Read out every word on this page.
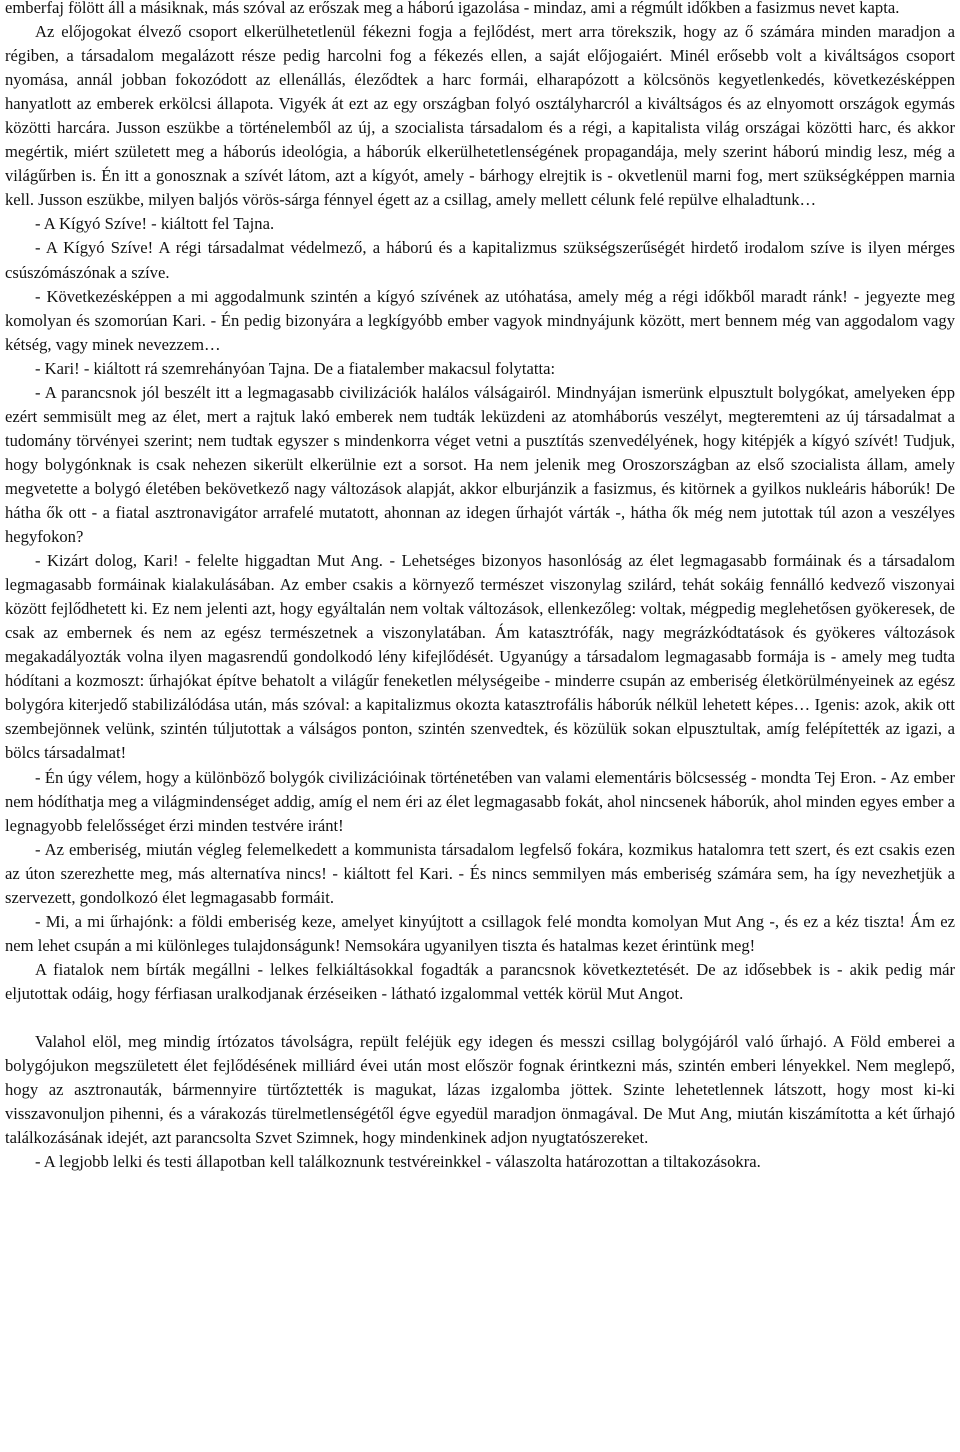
emberfaj fölött áll a másiknak, más szóval az erőszak meg a háború igazolása - mindaz, ami a régmúlt időkben a fasizmus nevet kapta.

Az előjogokat élvező csoport elkerülhetetlenül fékezni fogja a fejlődést, mert arra törekszik, hogy az ő számára minden maradjon a régiben, a társadalom megalázott része pedig harcolni fog a fékezés ellen, a saját előjogaiért. Minél erősebb volt a kiváltságos csoport nyomása, annál jobban fokozódott az ellenállás, éleződtek a harc formái, elharapózott a kölcsönös kegyetlenkedés, következésképpen hanyatlott az emberek erkölcsi állapota. Vigyék át ezt az egy országban folyó osztályharcról a kiváltságos és az elnyomott országok egymás közötti harcára. Jusson eszükbe a történelemből az új, a szocialista társadalom és a régi, a kapitalista világ országai közötti harc, és akkor megértik, miért született meg a háborús ideológia, a háborúk elkerülhetetlenségének propagandája, mely szerint háború mindig lesz, még a világűrben is. Én itt a gonosznak a szívét látom, azt a kígyót, amely - bárhogy elrejtik is - okvetlenül marni fog, mert szükségképpen marnia kell. Jusson eszükbe, milyen baljós vörös-sárga fénnyel égett az a csillag, amely mellett célunk felé repülve elhaladtunk…

- A Kígyó Szíve! - kiáltott fel Tajna.

- A Kígyó Szíve! A régi társadalmat védelmező, a háború és a kapitalizmus szükségszerűségét hirdető irodalom szíve is ilyen mérges csúszómászónak a szíve.

- Következésképpen a mi aggodalmunk szintén a kígyó szívének az utóhatása, amely még a régi időkből maradt ránk! - jegyezte meg komolyan és szomorúan Kari. - Én pedig bizonyára a legkígyóbb ember vagyok mindnyájunk között, mert bennem még van aggodalom vagy kétség, vagy minek nevezzem…

- Kari! - kiáltott rá szemrehányóan Tajna. De a fiatalember makacsul folytatta:

- A parancsnok jól beszélt itt a legmagasabb civilizációk halálos válságairól. Mindnyájan ismerünk elpusztult bolygókat, amelyeken épp ezért semmisült meg az élet, mert a rajtuk lakó emberek nem tudták leküzdeni az atomháborús veszélyt, megteremteni az új társadalmat a tudomány törvényei szerint; nem tudtak egyszer s mindenkorra véget vetni a pusztítás szenvedélyének, hogy kitépjék a kígyó szívét! Tudjuk, hogy bolygónknak is csak nehezen sikerült elkerülnie ezt a sorsot. Ha nem jelenik meg Oroszországban az első szocialista állam, amely megvetette a bolygó életében bekövetkező nagy változások alapját, akkor elburjánzik a fasizmus, és kitörnek a gyilkos nukleáris háborúk! De hátha ők ott - a fiatal asztronavigátor arrafelé mutatott, ahonnan az idegen űrhajót várták -, hátha ők még nem jutottak túl azon a veszélyes hegyfokon?

- Kizárt dolog, Kari! - felelte higgadtan Mut Ang. - Lehetséges bizonyos hasonlóság az élet legmagasabb formáinak és a társadalom legmagasabb formáinak kialakulásában. Az ember csakis a környező természet viszonylag szilárd, tehát sokáig fennálló kedvező viszonyai között fejlődhetett ki. Ez nem jelenti azt, hogy egyáltalán nem voltak változások, ellenkezőleg: voltak, mégpedig meglehetősen gyökeresek, de csak az embernek és nem az egész természetnek a viszonylatában. Ám katasztrófák, nagy megrázkódtatások és gyökeres változások megakadályozták volna ilyen magasrendű gondolkodó lény kifejlődését. Ugyanúgy a társadalom legmagasabb formája is - amely meg tudta hódítani a kozmoszt: űrhajókat építve behatolt a világűr feneketlen mélységeibe - minderre csupán az emberiség életkörülményeinek az egész bolygóra kiterjedő stabilizálódása után, más szóval: a kapitalizmus okozta katasztrofális háborúk nélkül lehetett képes… Igenis: azok, akik ott szembejönnek velünk, szintén túljutottak a válságos ponton, szintén szenvedtek, és közülük sokan elpusztultak, amíg felépítették az igazi, a bölcs társadalmat!

- Én úgy vélem, hogy a különböző bolygók civilizációinak történetében van valami elementáris bölcsesség - mondta Tej Eron. - Az ember nem hódíthatja meg a világmindenséget addig, amíg el nem éri az élet legmagasabb fokát, ahol nincsenek háborúk, ahol minden egyes ember a legnagyobb felelősséget érzi minden testvére iránt!

- Az emberiség, miután végleg felemelkedett a kommunista társadalom legfelső fokára, kozmikus hatalomra tett szert, és ezt csakis ezen az úton szerezhette meg, más alternatíva nincs! - kiáltott fel Kari. - És nincs semmilyen más emberiség számára sem, ha így nevezhetjük a szervezett, gondolkozó élet legmagasabb formáit.

- Mi, a mi űrhajónk: a földi emberiség keze, amelyet kinyújtott a csillagok felé mondta komolyan Mut Ang -, és ez a kéz tiszta! Ám ez nem lehet csupán a mi különleges tulajdonságunk! Nemsokára ugyanilyen tiszta és hatalmas kezet érintünk meg!

A fiatalok nem bírták megállni - lelkes felkiáltásokkal fogadták a parancsnok következtetését. De az idősebbek is - akik pedig már eljutottak odáig, hogy férfiasan uralkodjanak érzéseiken - látható izgalommal vették körül Mut Angot.

Valahol elöl, meg mindig írtózatos távolságra, repült feléjük egy idegen és messzi csillag bolygójáról való űrhajó. A Föld emberei a bolygójukon megszületett élet fejlődésének milliárd évei után most először fognak érintkezni más, szintén emberi lényekkel. Nem meglepő, hogy az asztronauták, bármennyire türtőztették is magukat, lázas izgalomba jöttek. Szinte lehetetlennek látszott, hogy most ki-ki visszavonuljon pihenni, és a várakozás türelmetlenségétől égve egyedül maradjon önmagával. De Mut Ang, miután kiszámította a két űrhajó találkozásának idejét, azt parancsolta Szvet Szimnek, hogy mindenkinek adjon nyugtatószereket.

- A legjobb lelki és testi állapotban kell találkoznunk testvéreinkkel - válaszolta határozottan a tiltakozásokra.
